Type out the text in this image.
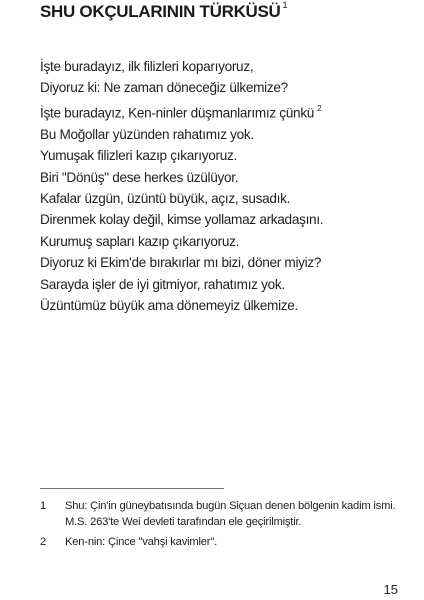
SHU OKÇULARININ TÜRKÜSÜ $^1$
İşte buradayız, ilk filizleri koparıyoruz,
Diyoruz ki: Ne zaman döneceğiz ülkemize?
İşte buradayız, Ken-ninler düşmanlarımız çünkü $^2$
Bu Moğollar yüzünden rahatımız yok.
Yumuşak filizleri kazıp çıkarıyoruz.
Biri "Dönüş" dese herkes üzülüyor.
Kafalar üzgün, üzüntü büyük, açız, susadık.
Direnmek kolay değil, kimse yollamaz arkadaşını.
Kurumuş sapları kazıp çıkarıyoruz.
Diyoruz ki Ekim'de bırakırlar mı bizi, döner miyiz?
Sarayda işler de iyi gitmiyor, rahatımız yok.
Üzüntümüz büyük ama dönemeyiz ülkemize.
1 Shu: Çin'in güneybatısında bugün Siçuan denen bölgenin kadim ismi.
M.S. 263'te Wei devleti tarafından ele geçirilmiştir.
2 Ken-nin: Çince "vahşi kavimler".
15
